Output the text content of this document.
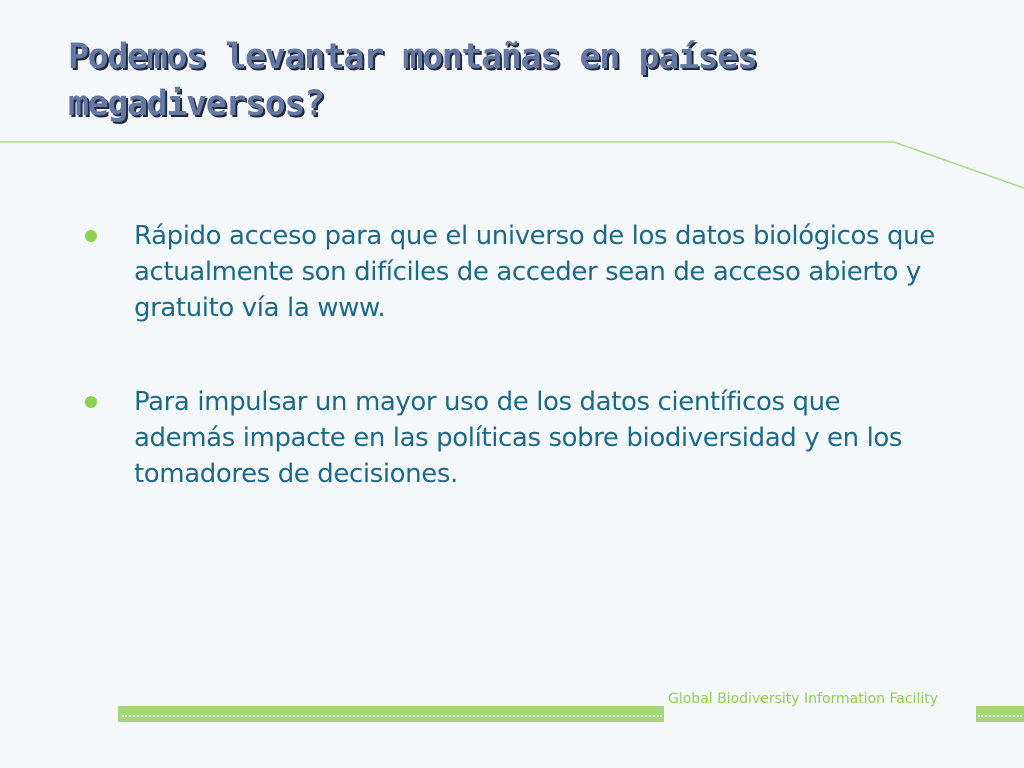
Podemos levantar montañas en países megadiversos?
Rápido acceso para que el universo de los datos biológicos que actualmente son difíciles de acceder sean de acceso abierto y gratuito vía la www.
Para impulsar un mayor uso de los datos científicos que además impacte en las políticas sobre biodiversidad y en los tomadores de decisiones.
Global Biodiversity Information Facility
